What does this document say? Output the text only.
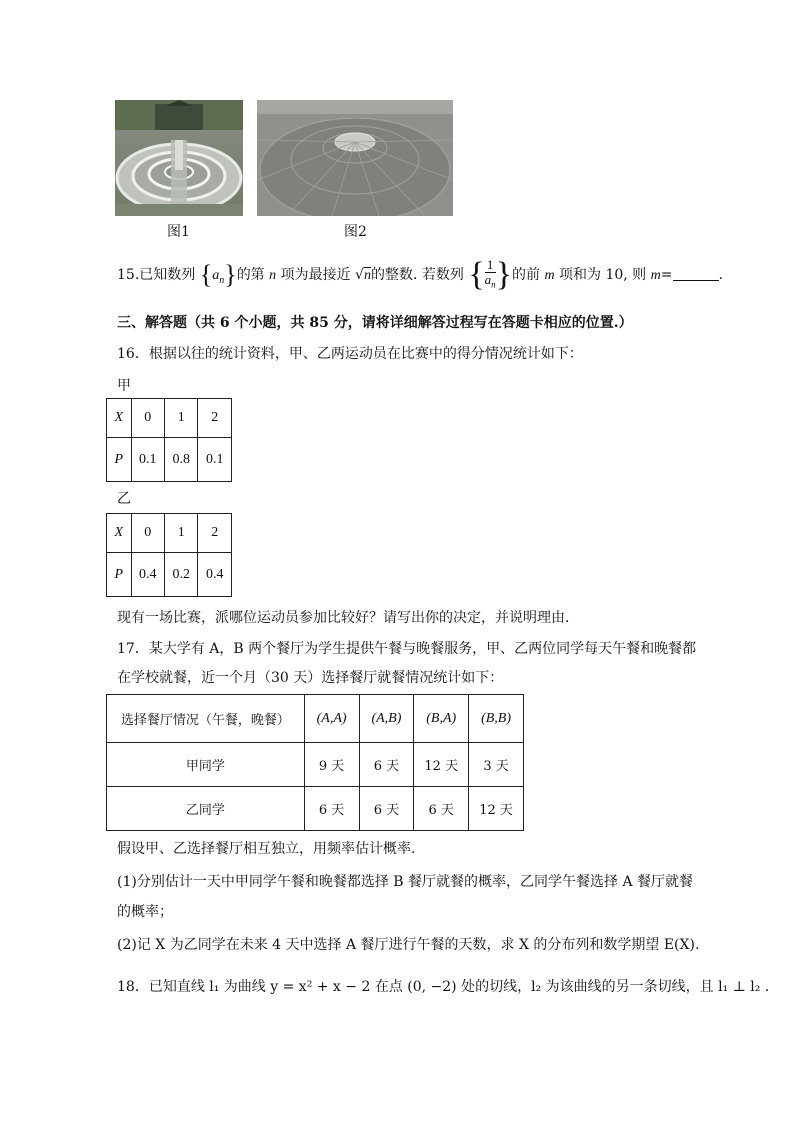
图1	图2
15.已知数列 $\{a_n\}$的第 n 项为最接近 √n的整数. 若数列 { $\frac{1}{a_n}$ }的前 m 项和为 10, 则 m=	.
三、解答题（共 6 个小题，共 85 分，请将详细解答过程写在答题卡相应的位置.）
16．根据以往的统计资料，甲、乙两运动员在比赛中的得分情况统计如下：
甲
X	0	1	2
P	0.1	0.8	0.1
乙
X	0	1	2
P	0.4	0.2	0.4
现有一场比赛，派哪位运动员参加比较好？请写出你的决定，并说明理由.
17．某大学有 A，B 两个餐厅为学生提供午餐与晚餐服务，甲、乙两位同学每天午餐和晚餐都
在学校就餐，近一个月（30 天）选择餐厅就餐情况统计如下：
选择餐厅情况（午餐，晚餐）	(A,A)	(A,B)	(B,A)	(B,B)
甲同学	9 天	6 天	12 天	3 天
乙同学	6 天	6 天	6 天	12 天
假设甲、乙选择餐厅相互独立，用频率估计概率.
(1)分别估计一天中甲同学午餐和晚餐都选择 B 餐厅就餐的概率，乙同学午餐选择 A 餐厅就餐
的概率；
(2)记 X 为乙同学在未来 4 天中选择 A 餐厅进行午餐的天数，求 X 的分布列和数学期望 E(X).
18．已知直线 l₁ 为曲线 y = x² + x − 2 在点 (0, −2) 处的切线，l₂ 为该曲线的另一条切线，且 l₁ ⊥ l₂ .
